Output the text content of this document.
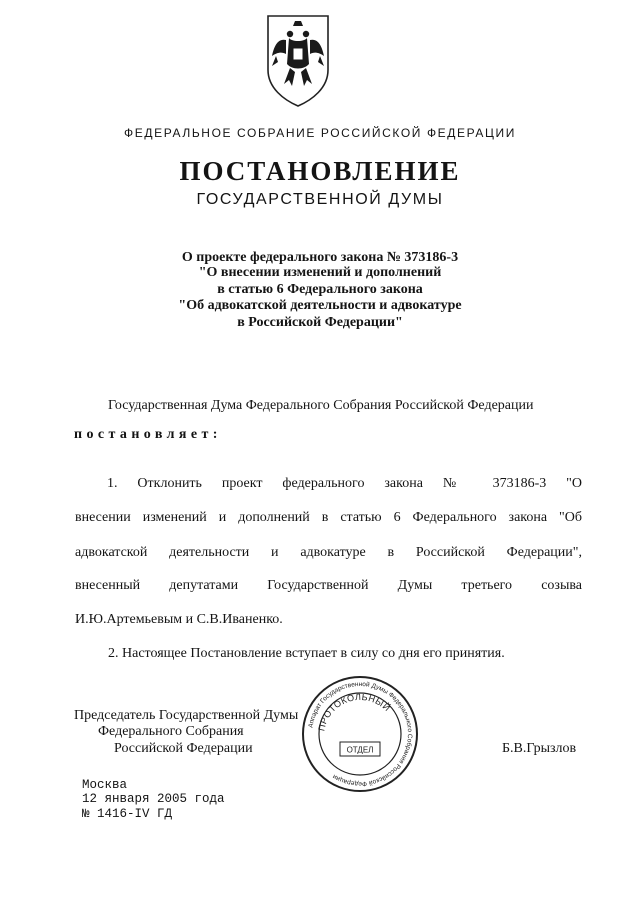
ФЕДЕРАЛЬНОЕ СОБРАНИЕ РОССИЙСКОЙ ФЕДЕРАЦИИ
ПОСТАНОВЛЕНИЕ
ГОСУДАРСТВЕННОЙ ДУМЫ
О проекте федерального закона № 373186-3
"О внесении изменений и дополнений
в статью 6 Федерального закона
"Об адвокатской деятельности и адвокатуре
в Российской Федерации"
Государственная Дума Федерального Собрания Российской Федерации
постановляет:
1. Отклонить проект федерального закона № 373186-3 "О
внесении изменений и дополнений в статью 6 Федерального закона "Об
адвокатской деятельности и адвокатуре в Российской Федерации",
внесенный депутатами Государственной Думы третьего созыва
И.Ю.Артемьевым и С.В.Иваненко.
2. Настоящее Постановление вступает в силу со дня его принятия.
Председатель Государственной Думы
Федерального Собрания
Российской Федерации	Б.В.Грызлов
Аппарат Государственной Думы Федерального Собрания Российской Федерации
ПРОТОКОЛЬНЫЙ
ОТДЕЛ
Москва
12 января 2005 года
№ 1416-IV ГД
